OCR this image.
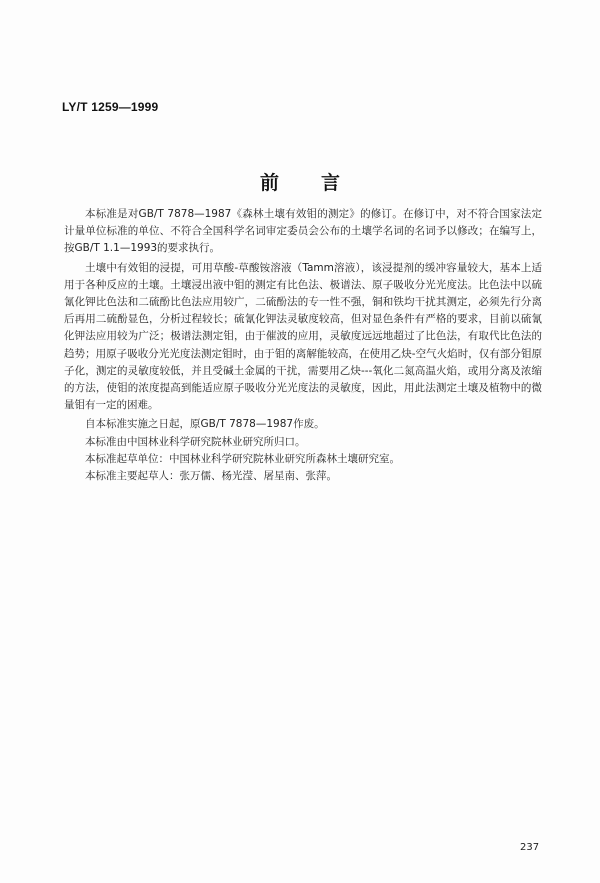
LY/T 1259—1999
前言

本标准是对GB/T 7878—1987《森林土壤有效钼的测定》的修订。在修订中，对不符合国家法定计量单位标准的单位、不符合全国科学名词审定委员会公布的土壤学名词的名词予以修改；在编写上，按GB/T 1.1—1993的要求执行。

土壤中有效钼的浸提，可用草酸-草酸铵溶液（Tamm溶液），该浸提剂的缓冲容量较大，基本上适用于各种反应的土壤。土壤浸出液中钼的测定有比色法、极谱法、原子吸收分光光度法。比色法中以硫氰化钾比色法和二硫酚比色法应用较广，二硫酚法的专一性不强，铜和铁均干扰其测定，必须先行分离后再用二硫酚显色，分析过程较长；硫氰化钾法灵敏度较高，但对显色条件有严格的要求，目前以硫氰化钾法应用较为广泛；极谱法测定钼，由于催波的应用，灵敏度远远地超过了比色法，有取代比色法的趋势；用原子吸收分光光度法测定钼时，由于钼的离解能较高，在使用乙炔-空气火焰时，仅有部分钼原子化，测定的灵敏度较低，并且受碱土金属的干扰，需要用乙炔---氧化二氮高温火焰，或用分离及浓缩的方法，使钼的浓度提高到能适应原子吸收分光光度法的灵敏度，因此，用此法测定土壤及植物中的微量钼有一定的困难。

自本标准实施之日起，原GB/T 7878—1987作废。

本标准由中国林业科学研究院林业研究所归口。

本标准起草单位：中国林业科学研究院林业研究所森林土壤研究室。

本标准主要起草人：张万儒、杨光滢、屠星南、张萍。

237
